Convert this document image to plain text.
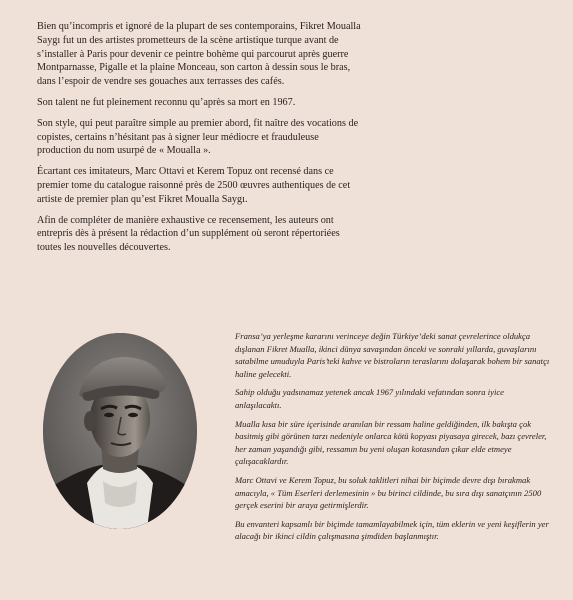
Bien qu’incompris et ignoré de la plupart de ses contemporains, Fikret Moualla Saygı fut un des artistes prometteurs de la scène artistique turque avant de s’installer à Paris pour devenir ce peintre bohème qui parcourut après guerre Montparnasse, Pigalle et la plaine Monceau, son carton à dessin sous le bras, dans l’espoir de vendre ses gouaches aux terrasses des cafés.

Son talent ne fut pleinement reconnu qu’après sa mort en 1967.

Son style, qui peut paraître simple au premier abord, fit naître des vocations de copistes, certains n’hésitant pas à signer leur médiocre et frauduleuse production du nom usurpé de « Moualla ».

Écartant ces imitateurs, Marc Ottavi et Kerem Topuz ont recensé dans ce premier tome du catalogue raisonné près de 2500 œuvres authentiques de cet artiste de premier plan qu’est Fikret Moualla Saygı.

Afin de compléter de manière exhaustive ce recensement, les auteurs ont entrepris dès à présent la rédaction d’un supplément où seront répertoriées toutes les nouvelles découvertes.

Fransa’ya yerleşme kararını verinceye değin Türkiye’deki sanat çevrelerince oldukça dışlanan Fikret Mualla, ikinci dünya savaşından önceki ve sonraki yıllarda, guvaşlarını satabilme umuduyla Paris’teki kahve ve bistroların teraslarını dolaşarak bohem bir sanatçı haline gelecekti.

Sahip olduğu yadsınamaz yetenek ancak 1967 yılındaki vefatından sonra iyice anlaşılacaktı.

Mualla kısa bir süre içerisinde aranılan bir ressam haline geldiğinden, ilk bakışta çok basitmiş gibi görünen tarzı nedeniyle onlarca kötü kopyası piyasaya girecek, bazı çevreler, her zaman yaşandığı gibi, ressamın bu yeni oluşan kotasından çıkar elde etmeye çalışacaklardır.

Marc Ottavi ve Kerem Topuz, bu soluk taklitleri nihai bir biçimde devre dışı bırakmak amacıyla, « Tüm Eserleri derlemesinin » bu birinci cildinde, bu sıra dışı sanatçının 2500 gerçek eserini bir araya getirmişlerdir.

Bu envanteri kapsamlı bir biçimde tamamlayabilmek için, tüm eklerin ve yeni keşiflerin yer alacağı bir ikinci cildin çalışmasına şimdiden başlanmıştır.
